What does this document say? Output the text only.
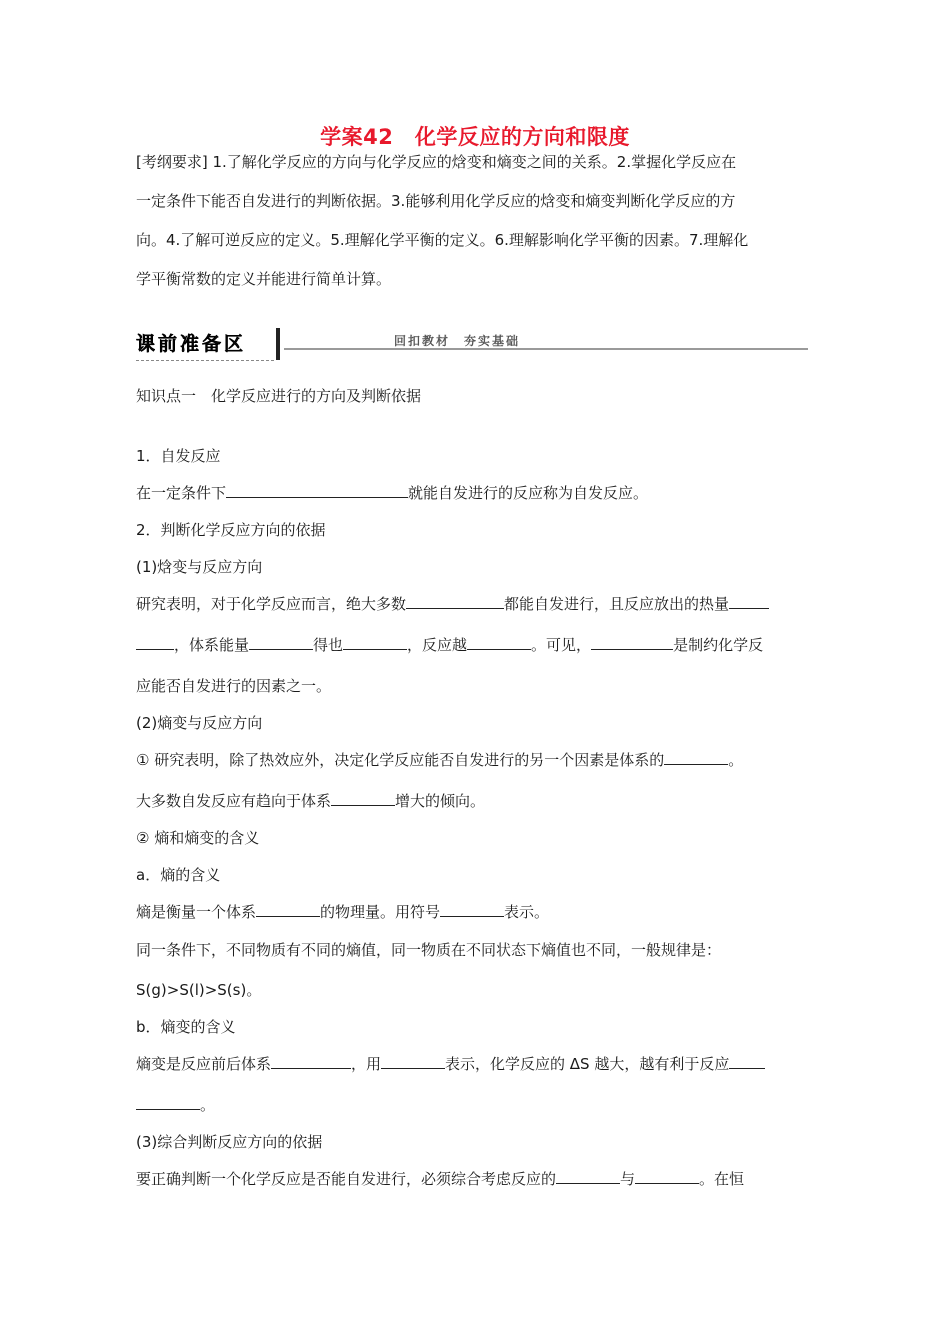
学案42　化学反应的方向和限度
[考纲要求] 1.了解化学反应的方向与化学反应的焓变和熵变之间的关系。2.掌握化学反应在
一定条件下能否自发进行的判断依据。3.能够利用化学反应的焓变和熵变判断化学反应的方
向。4.了解可逆反应的定义。5.理解化学平衡的定义。6.理解影响化学平衡的因素。7.理解化
学平衡常数的定义并能进行简单计算。
课前准备区	回扣教材　夯实基础
知识点一　化学反应进行的方向及判断依据
1．自发反应
在一定条件下	就能自发进行的反应称为自发反应。
2．判断化学反应方向的依据
(1)焓变与反应方向
研究表明，对于化学反应而言，绝大多数	都能自发进行，且反应放出的热量
，体系能量	得也	，反应越	。可见，	是制约化学反
应能否自发进行的因素之一。
(2)熵变与反应方向
① 研究表明，除了热效应外，决定化学反应能否自发进行的另一个因素是体系的	。
大多数自发反应有趋向于体系	增大的倾向。
② 熵和熵变的含义
a．熵的含义
熵是衡量一个体系	的物理量。用符号	表示。
同一条件下，不同物质有不同的熵值，同一物质在不同状态下熵值也不同，一般规律是：
S(g)>S(l)>S(s)。
b．熵变的含义
熵变是反应前后体系	，用	表示，化学反应的 ΔS 越大，越有利于反应
。
(3)综合判断反应方向的依据
要正确判断一个化学反应是否能自发进行，必须综合考虑反应的	与	。在恒
